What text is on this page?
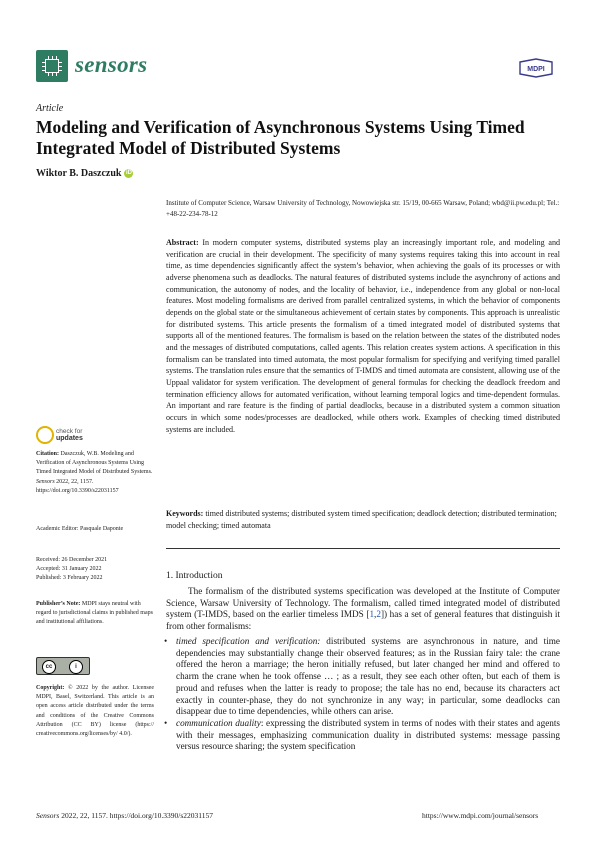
sensors	MDPI
Article
Modeling and Verification of Asynchronous Systems Using Timed Integrated Model of Distributed Systems
Wiktor B. Daszczuk iD
Institute of Computer Science, Warsaw University of Technology, Nowowiejska str. 15/19, 00-665 Warsaw, Poland; wbd@ii.pw.edu.pl; Tel.: +48-22-234-78-12
Abstract: In modern computer systems, distributed systems play an increasingly important role, and modeling and verification are crucial in their development. The specificity of many systems requires taking this into account in real time, as time dependencies significantly affect the system’s behavior, when achieving the goals of its processes or with adverse phenomena such as deadlocks. The natural features of distributed systems include the asynchrony of actions and communication, the autonomy of nodes, and the locality of behavior, i.e., independence from any global or non-local features. Most modeling formalisms are derived from parallel centralized systems, in which the behavior of components depends on the global state or the simultaneous achievement of certain states by components. This approach is unrealistic for distributed systems. This article presents the formalism of a timed integrated model of distributed systems that supports all of the mentioned features. The formalism is based on the relation between the states of the distributed nodes and the messages of distributed computations, called agents. This relation creates system actions. A specification in this formalism can be translated into timed automata, the most popular formalism for specifying and verifying timed parallel systems. The translation rules ensure that the semantics of T-IMDS and timed automata are consistent, allowing use of the Uppaal validator for system verification. The development of general formulas for checking the deadlock freedom and termination efficiency allows for automated verification, without learning temporal logics and time-dependent formulas. An important and rare feature is the finding of partial deadlocks, because in a distributed system a common situation occurs in which some nodes/processes are deadlocked, while others work. Examples of checking timed distributed systems are included.
Keywords: timed distributed systems; distributed system timed specification; deadlock detection; distributed termination; model checking; timed automata
1. Introduction
The formalism of the distributed systems specification was developed at the Institute of Computer Science, Warsaw University of Technology. The formalism, called timed integrated model of distributed system (T-IMDS, based on the earlier timeless IMDS [1,2]) has a set of general features that distinguish it from other formalisms:
• timed specification and verification: distributed systems are asynchronous in nature, and time dependencies may substantially change their observed features; as in the Russian fairy tale: the crane offered the heron a marriage; the heron initially refused, but later changed her mind and offered to charm the crane when he took offense … ; as a result, they see each other often, but each of them is proud and refuses when the latter is ready to propose; the tale has no end, because its characters act exactly in counter-phase, they do not synchronize in any way; in particular, some deadlocks can disappear due to time dependencies, while others can arise.
• communication duality: expressing the distributed system in terms of nodes with their states and agents with their messages, emphasizing communication duality in distributed systems: message passing versus resource sharing; the system specification
check for
updates
Citation: Daszczuk, W.B. Modeling and Verification of Asynchronous Systems Using Timed Integrated Model of Distributed Systems. Sensors 2022, 22, 1157. https://doi.org/10.3390/s22031157
Academic Editor: Pasquale Daponte
Received: 26 December 2021
Accepted: 31 January 2022
Published: 3 February 2022
Publisher’s Note: MDPI stays neutral with regard to jurisdictional claims in published maps and institutional affiliations.
cc	i
Copyright: © 2022 by the author. Licensee MDPI, Basel, Switzerland. This article is an open access article distributed under the terms and conditions of the Creative Commons Attribution (CC BY) license (https:// creativecommons.org/licenses/by/ 4.0/).
Sensors 2022, 22, 1157. https://doi.org/10.3390/s22031157	https://www.mdpi.com/journal/sensors
